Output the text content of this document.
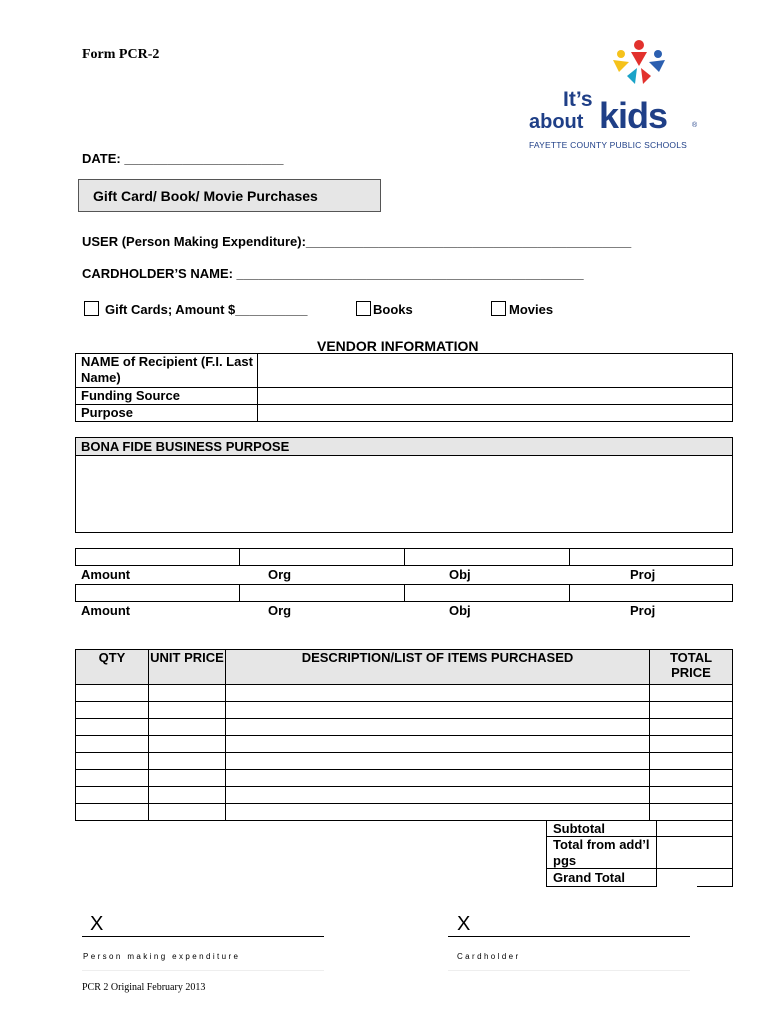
Form PCR-2
It’s
about kids	®
FAYETTE COUNTY PUBLIC SCHOOLS
DATE: ______________________
Gift Card/ Book/ Movie Purchases
USER (Person Making Expenditure):_____________________________________________
CARDHOLDER’S NAME: ________________________________________________
Gift Cards; Amount $__________	Books	Movies
VENDOR INFORMATION
NAME of Recipient (F.I. Last Name)	
Funding Source	
Purpose	
BONA FIDE BUSINESS PURPOSE
Amount	Org	Obj	Proj
Amount	Org	Obj	Proj
QTY	UNIT PRICE	DESCRIPTION/LIST OF ITEMS PURCHASED	TOTAL PRICE

Subtotal
Total from add’l pgs
Grand Total
X
Person making expenditure
X
Cardholder
PCR 2 Original February 2013
